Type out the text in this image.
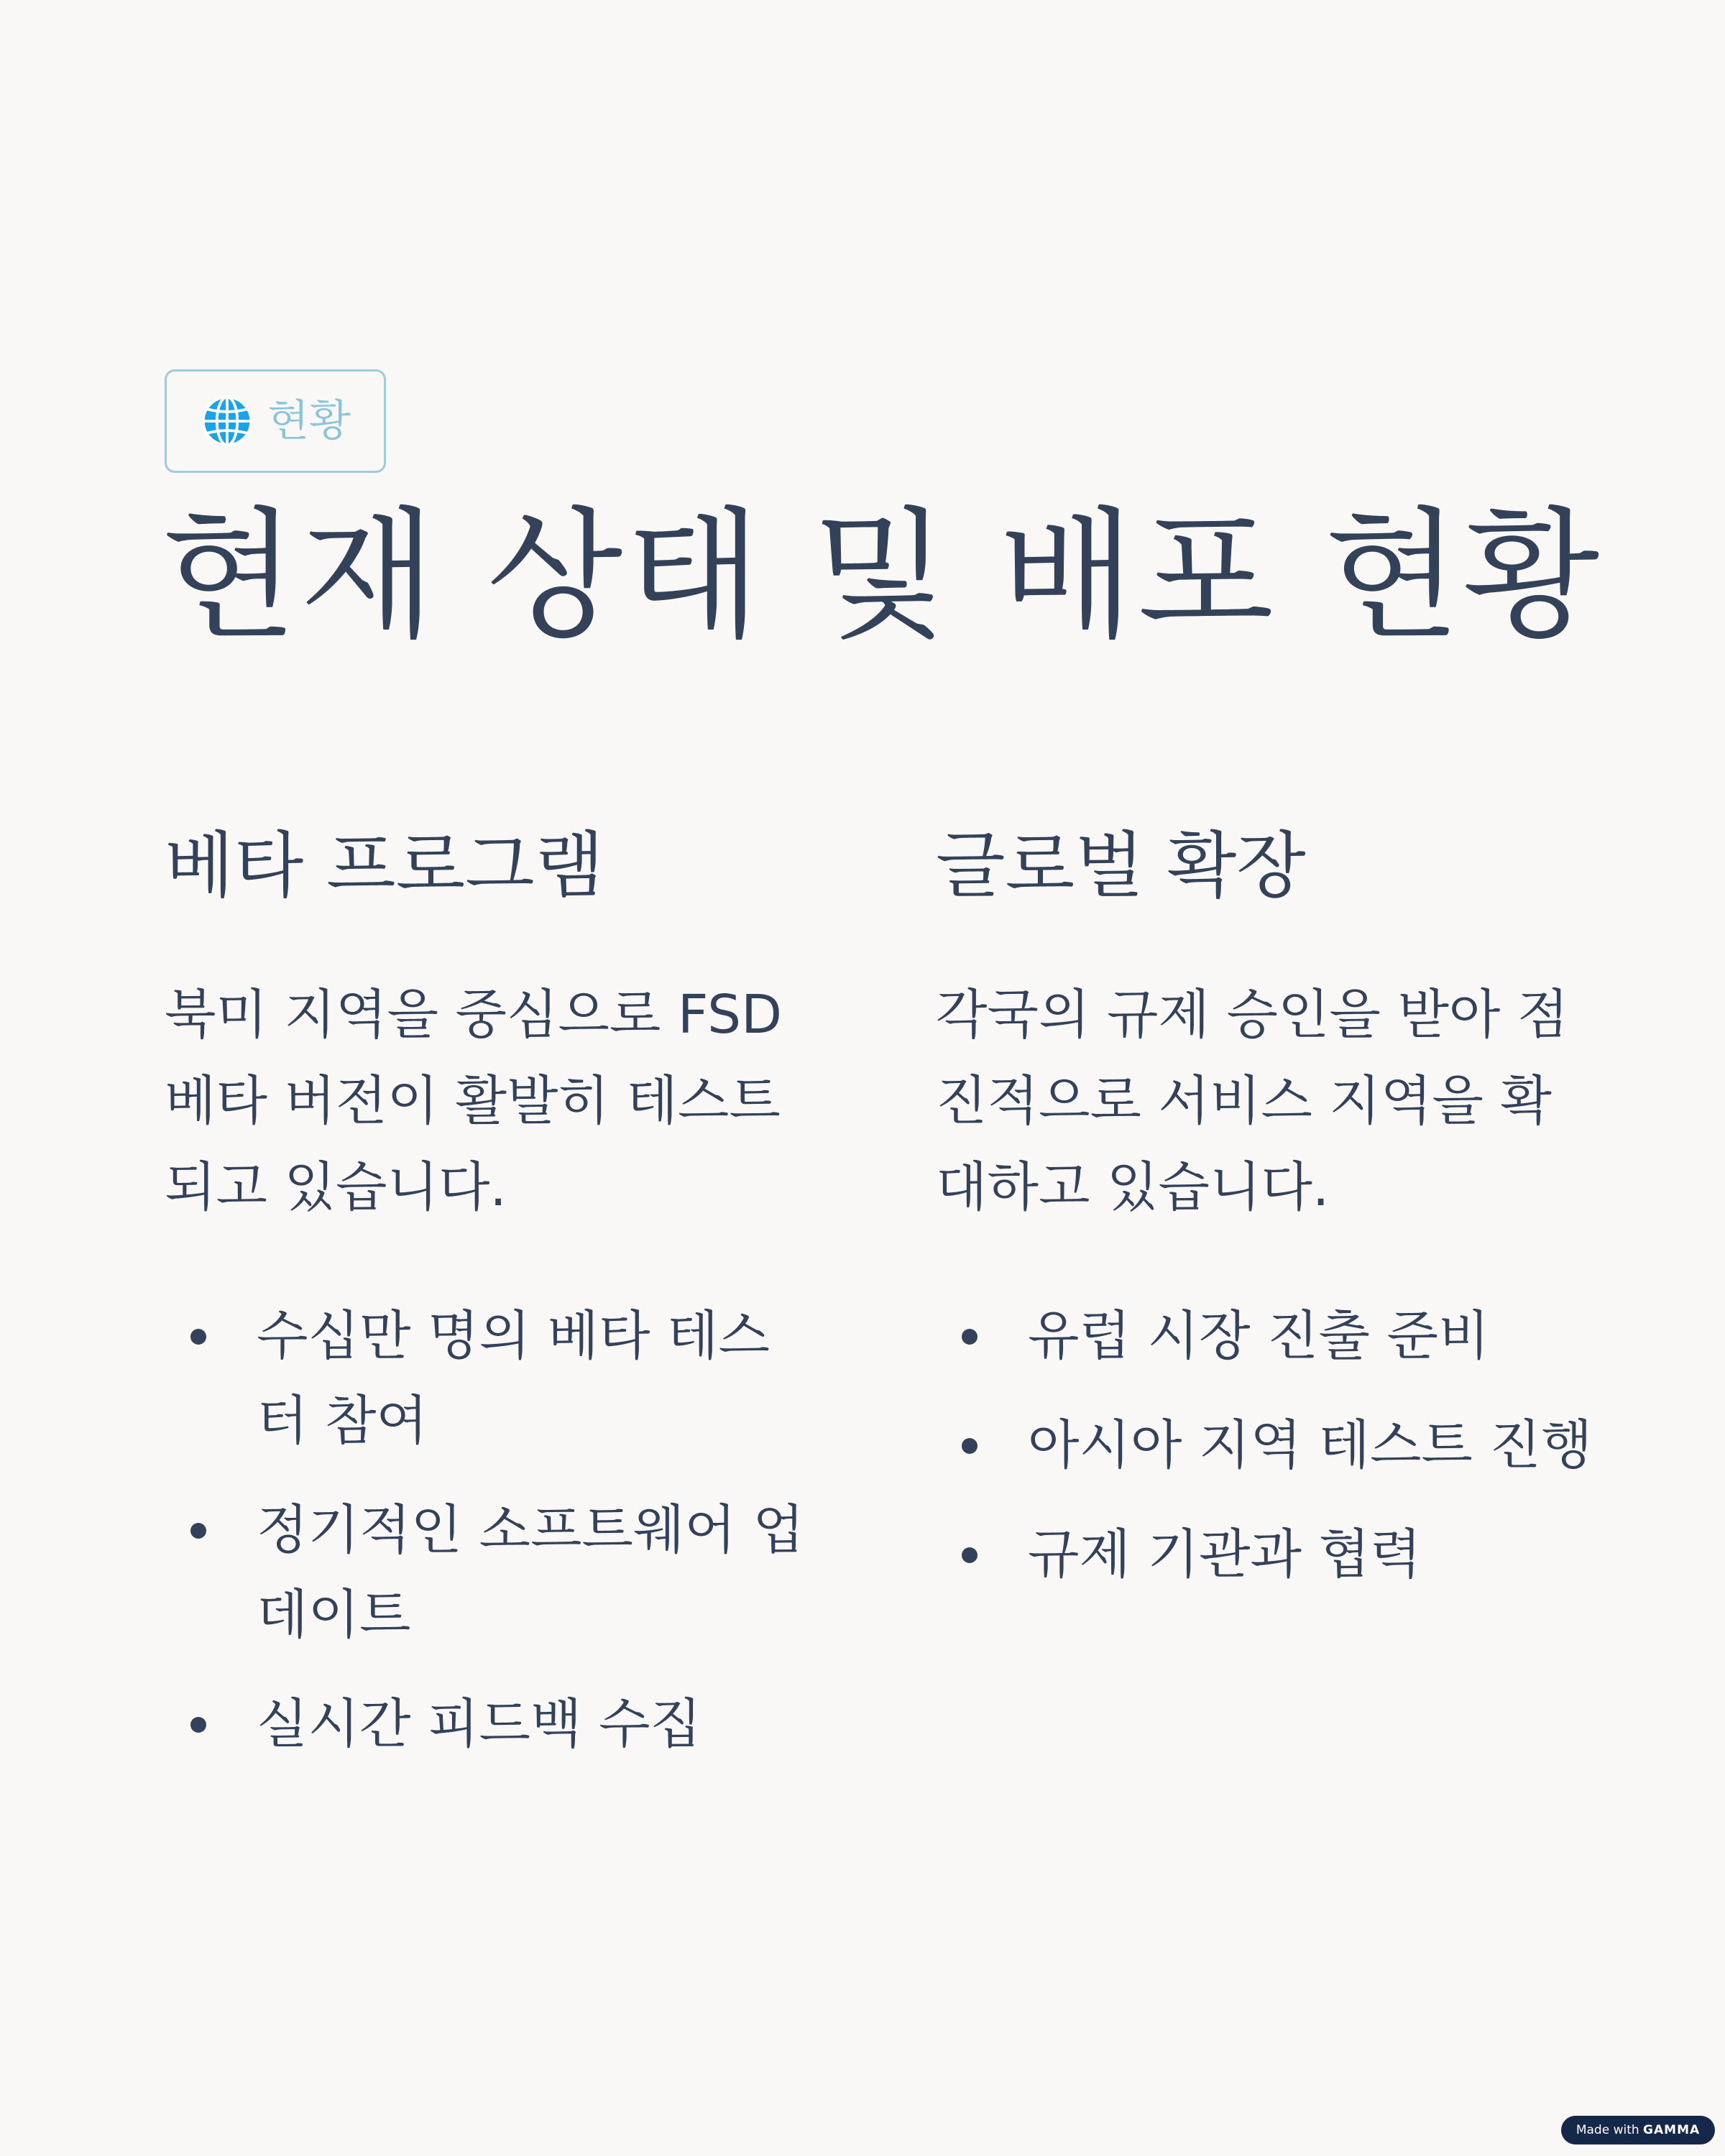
현황
현재 상태 및 배포 현황
베타 프로그램

북미 지역을 중심으로 FSD 베타 버전이 활발히 테스트되고 있습니다.

수십만 명의 베타 테스터 참여
정기적인 소프트웨어 업데이트
실시간 피드백 수집
글로벌 확장

각국의 규제 승인을 받아 점진적으로 서비스 지역을 확대하고 있습니다.

유럽 시장 진출 준비
아시아 지역 테스트 진행
규제 기관과 협력
Made with GAMMA
